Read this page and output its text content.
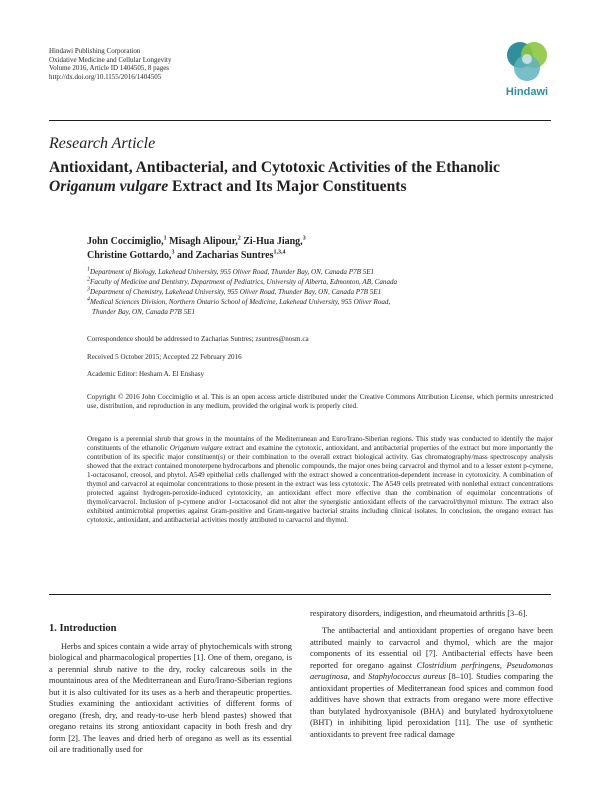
Hindawi Publishing Corporation
Oxidative Medicine and Cellular Longevity
Volume 2016, Article ID 1404505, 8 pages
http://dx.doi.org/10.1155/2016/1404505
Hindawi
Research Article
Antioxidant, Antibacterial, and Cytotoxic Activities of the Ethanolic Origanum vulgare Extract and Its Major Constituents
John Coccimiglio,$^1$ Misagh Alipour,$^2$ Zi-Hua Jiang,$^3$
Christine Gottardo,$^3$ and Zacharias Suntres$^{1,3,4}$

$^1$Department of Biology, Lakehead University, 955 Oliver Road, Thunder Bay, ON, Canada P7B 5E1

$^2$Faculty of Medicine and Dentistry, Department of Pediatrics, University of Alberta, Edmonton, AB, Canada

$^3$Department of Chemistry, Lakehead University, 955 Oliver Road, Thunder Bay, ON, Canada P7B 5E1

$^4$Medical Sciences Division, Northern Ontario School of Medicine, Lakehead University, 955 Oliver Road,

Thunder Bay, ON, Canada P7B 5E1

Correspondence should be addressed to Zacharias Suntres; zsuntres@nosm.ca
Received 5 October 2015; Accepted 22 February 2016
Academic Editor: Hesham A. El Enshasy
Copyright © 2016 John Coccimiglio et al. This is an open access article distributed under the Creative Commons Attribution License, which permits unrestricted use, distribution, and reproduction in any medium, provided the original work is properly cited.
Oregano is a perennial shrub that grows in the mountains of the Mediterranean and Euro/Irano-Siberian regions. This study was conducted to identify the major constituents of the ethanolic Origanum vulgare extract and examine the cytotoxic, antioxidant, and antibacterial properties of the extract but more importantly the contribution of its specific major constituent(s) or their combination to the overall extract biological activity. Gas chromatography/mass spectroscopy analysis showed that the extract contained monoterpene hydrocarbons and phenolic compounds, the major ones being carvacrol and thymol and to a lesser extent p-cymene, 1-octacosanol, creosol, and phytol. A549 epithelial cells challenged with the extract showed a concentration-dependent increase in cytotoxicity. A combination of thymol and carvacrol at equimolar concentrations to those present in the extract was less cytotoxic. The A549 cells pretreated with nonlethal extract concentrations protected against hydrogen-peroxide-induced cytotoxicity, an antioxidant effect more effective than the combination of equimolar concentrations of thymol/carvacrol. Inclusion of p-cymene and/or 1-octacosanol did not alter the synergistic antioxidant effects of the carvacrol/thymol mixture. The extract also exhibited antimicrobial properties against Gram-positive and Gram-negative bacterial strains including clinical isolates. In conclusion, the oregano extract has cytotoxic, antioxidant, and antibacterial activities mostly attributed to carvacrol and thymol.
1. Introduction

Herbs and spices contain a wide array of phytochemicals with strong biological and pharmacological properties [1]. One of them, oregano, is a perennial shrub native to the dry, rocky calcareous soils in the mountainous area of the Mediterranean and Euro/Irano-Siberian regions but it is also cultivated for its uses as a herb and therapeutic properties. Studies examining the antioxidant activities of different forms of oregano (fresh, dry, and ready-to-use herb blend pastes) showed that oregano retains its strong antioxidant capacity in both fresh and dry form [2]. The leaves and dried herb of oregano as well as its essential oil are traditionally used for

respiratory disorders, indigestion, and rheumatoid arthritis [3–6].

The antibacterial and antioxidant properties of oregano have been attributed mainly to carvacrol and thymol, which are the major components of its essential oil [7]. Antibacterial effects have been reported for oregano against Clostridium perfringens, Pseudomonas aeruginosa, and Staphylococcus aureus [8–10]. Studies comparing the antioxidant properties of Mediterranean food spices and common food additives have shown that extracts from oregano were more effective than butylated hydroxyanisole (BHA) and butylated hydroxytoluene (BHT) in inhibiting lipid peroxidation [11]. The use of synthetic antioxidants to prevent free radical damage
